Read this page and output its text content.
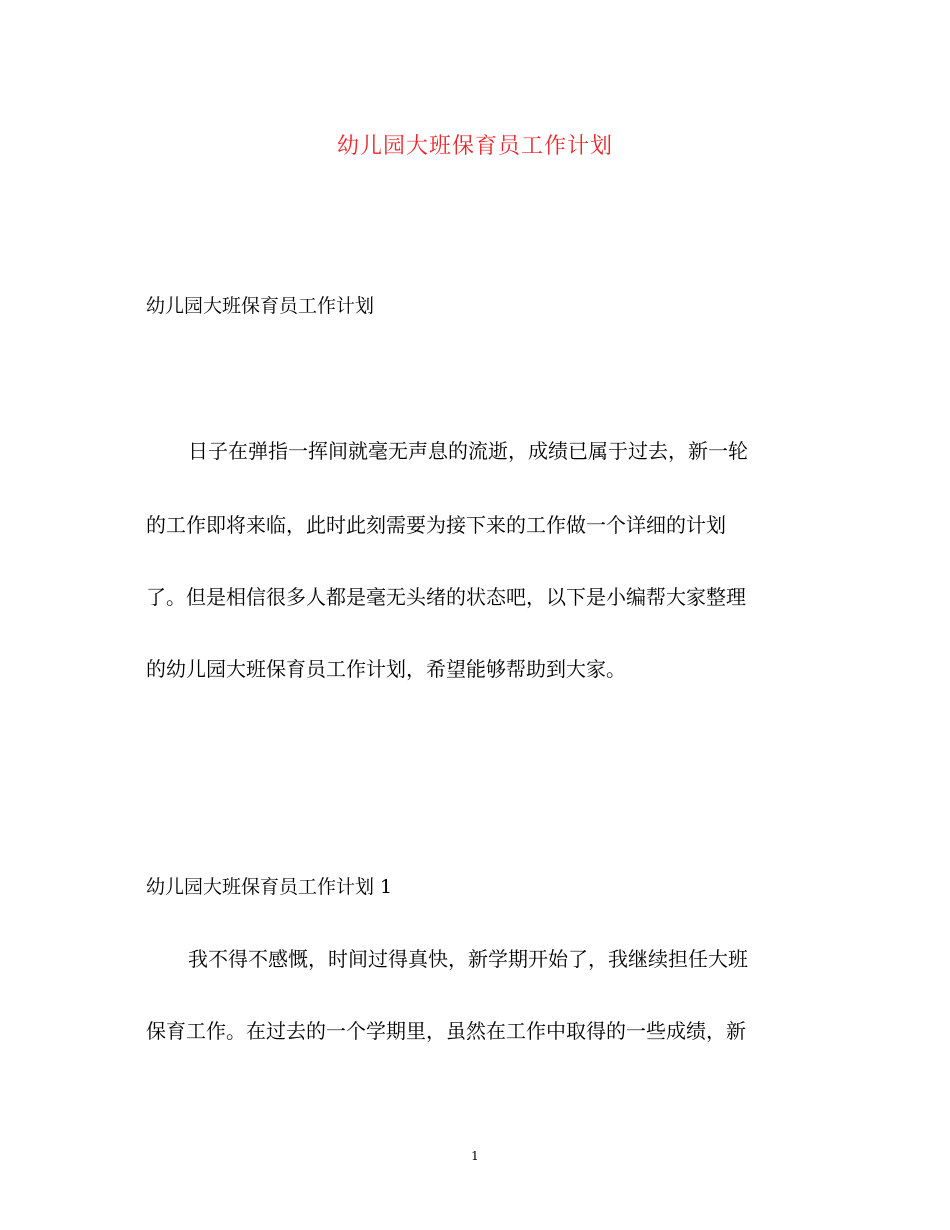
幼儿园大班保育员工作计划
幼儿园大班保育员工作计划
日子在弹指一挥间就毫无声息的流逝，成绩已属于过去，新一轮
的工作即将来临，此时此刻需要为接下来的工作做一个详细的计划
了。但是相信很多人都是毫无头绪的状态吧，以下是小编帮大家整理
的幼儿园大班保育员工作计划，希望能够帮助到大家。
幼儿园大班保育员工作计划 1
我不得不感慨，时间过得真快，新学期开始了，我继续担任大班
保育工作。在过去的一个学期里，虽然在工作中取得的一些成绩，新
1
